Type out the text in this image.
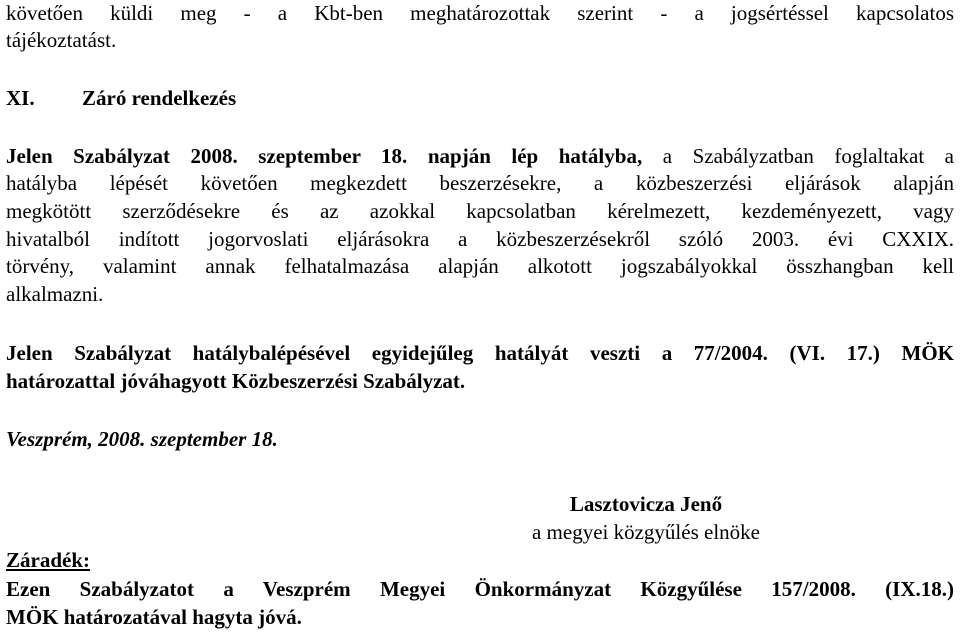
követően küldi meg - a Kbt-ben meghatározottak szerint - a jogsértéssel kapcsolatos
tájékoztatást.
XI. Záró rendelkezés
Jelen Szabályzat 2008. szeptember 18. napján lép hatályba, a Szabályzatban foglaltakat a
hatályba lépését követően megkezdett beszerzésekre, a közbeszerzési eljárások alapján
megkötött szerződésekre és az azokkal kapcsolatban kérelmezett, kezdeményezett, vagy
hivatalból indított jogorvoslati eljárásokra a közbeszerzésekről szóló 2003. évi CXXIX.
törvény, valamint annak felhatalmazása alapján alkotott jogszabályokkal összhangban kell
alkalmazni.
Jelen Szabályzat hatálybalépésével egyidejűleg hatályát veszti a 77/2004. (VI. 17.) MÖK
határozattal jóváhagyott Közbeszerzési Szabályzat.
Veszprém, 2008. szeptember 18.
Lasztovicza Jenő
a megyei közgyűlés elnöke
Záradék:
Ezen Szabályzatot a Veszprém Megyei Önkormányzat Közgyűlése 157/2008. (IX.18.)
MÖK határozatával hagyta jóvá.
